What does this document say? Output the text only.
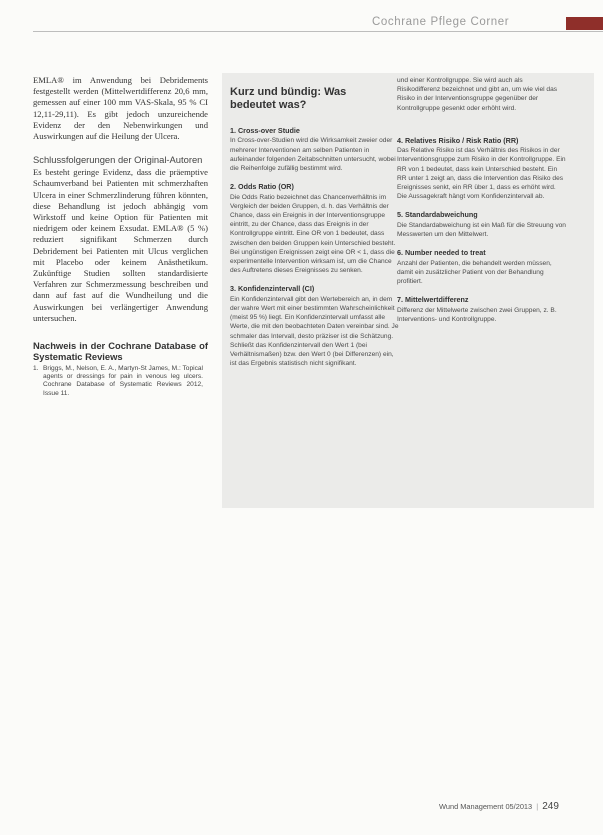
Cochrane Pflege Corner

EMLA® im Anwendung bei Debridements festgestellt werden (Mittelwertdifferenz 20,6 mm, gemessen auf einer 100 mm VAS-Skala, 95 % CI 12,11-29,11). Es gibt jedoch unzureichende Evidenz der den Nebenwirkungen und Auswirkungen auf die Heilung der Ulcera.

Schlussfolgerungen der Original-Autoren

Es besteht geringe Evidenz, dass die präemptive Schaumverband bei Patienten mit schmerzhaften Ulcera in einer Schmerzlinderung führen könnten, diese Behandlung ist jedoch abhängig vom Wirkstoff und keine Option für Patienten mit niedrigem oder keinem Exsudat. EMLA® (5 %) reduziert signifikant Schmerzen durch Debridement bei Patienten mit Ulcus verglichen mit Placebo oder keinem Anästhetikum. Zukünftige Studien sollten standardisierte Verfahren zur Schmerzmessung beschreiben und dann auf fast auf die Wundheilung und die Auswirkungen bei verlängertiger Anwendung untersuchen.

Nachweis in der Cochrane Database of Systematic Reviews
1. Briggs, M., Nelson, E. A., Martyn-St James, M.: Topical agents or dressings for pain in venous leg ulcers. Cochrane Database of Systematic Reviews 2012, Issue 11.
Kurz und bündig: Was bedeutet was?
1. Cross-over Studie

In Cross-over-Studien wird die Wirksamkeit zweier oder mehrerer Interventionen am selben Patienten in aufeinander folgenden Zeitabschnitten untersucht, wobei die Reihenfolge zufällig bestimmt wird.

2. Odds Ratio (OR)

Die Odds Ratio bezeichnet das Chancenverhältnis im Vergleich der beiden Gruppen, d. h. das Verhältnis der Chance, dass ein Ereignis in der Interventionsgruppe eintritt, zu der Chance, dass das Ereignis in der Kontrollgruppe eintritt. Eine OR von 1 bedeutet, dass zwischen den beiden Gruppen kein Unterschied besteht. Bei ungünstigen Ereignissen zeigt eine OR < 1, dass die experimentelle Intervention wirksam ist, um die Chance des Auftretens dieses Ereignisses zu senken.

3. Konfidenzintervall (CI)

Ein Konfidenzintervall gibt den Wertebereich an, in dem der wahre Wert mit einer bestimmten Wahrscheinlichkeit (meist 95 %) liegt. Ein Konfidenzintervall umfasst alle Werte, die mit den beobachteten Daten vereinbar sind. Je schmaler das Intervall, desto präziser ist die Schätzung. Schließt das Konfidenzintervall den Wert 1 (bei Verhältnismaßen) bzw. den Wert 0 (bei Differenzen) ein, ist das Ergebnis statistisch nicht signifikant.

und einer Kontrollgruppe. Sie wird auch als Risikodifferenz bezeichnet und gibt an, um wie viel das Risiko in der Interventionsgruppe gegenüber der Kontrollgruppe gesenkt oder erhöht wird.

4. Relatives Risiko / Risk Ratio (RR)

Das Relative Risiko ist das Verhältnis des Risikos in der Interventionsgruppe zum Risiko in der Kontrollgruppe. Ein RR von 1 bedeutet, dass kein Unterschied besteht. Ein RR unter 1 zeigt an, dass die Intervention das Risiko des Ereignisses senkt, ein RR über 1, dass es erhöht wird. Die Aussagekraft hängt vom Konfidenzintervall ab.

5. Standardabweichung

Die Standardabweichung ist ein Maß für die Streuung von Messwerten um den Mittelwert.

6. Number needed to treat

Anzahl der Patienten, die behandelt werden müssen, damit ein zusätzlicher Patient von der Behandlung profitiert.

7. Mittelwertdifferenz

Differenz der Mittelwerte zwischen zwei Gruppen, z. B. Interventions- und Kontrollgruppe.

Wund Management 05/2013 | 249
